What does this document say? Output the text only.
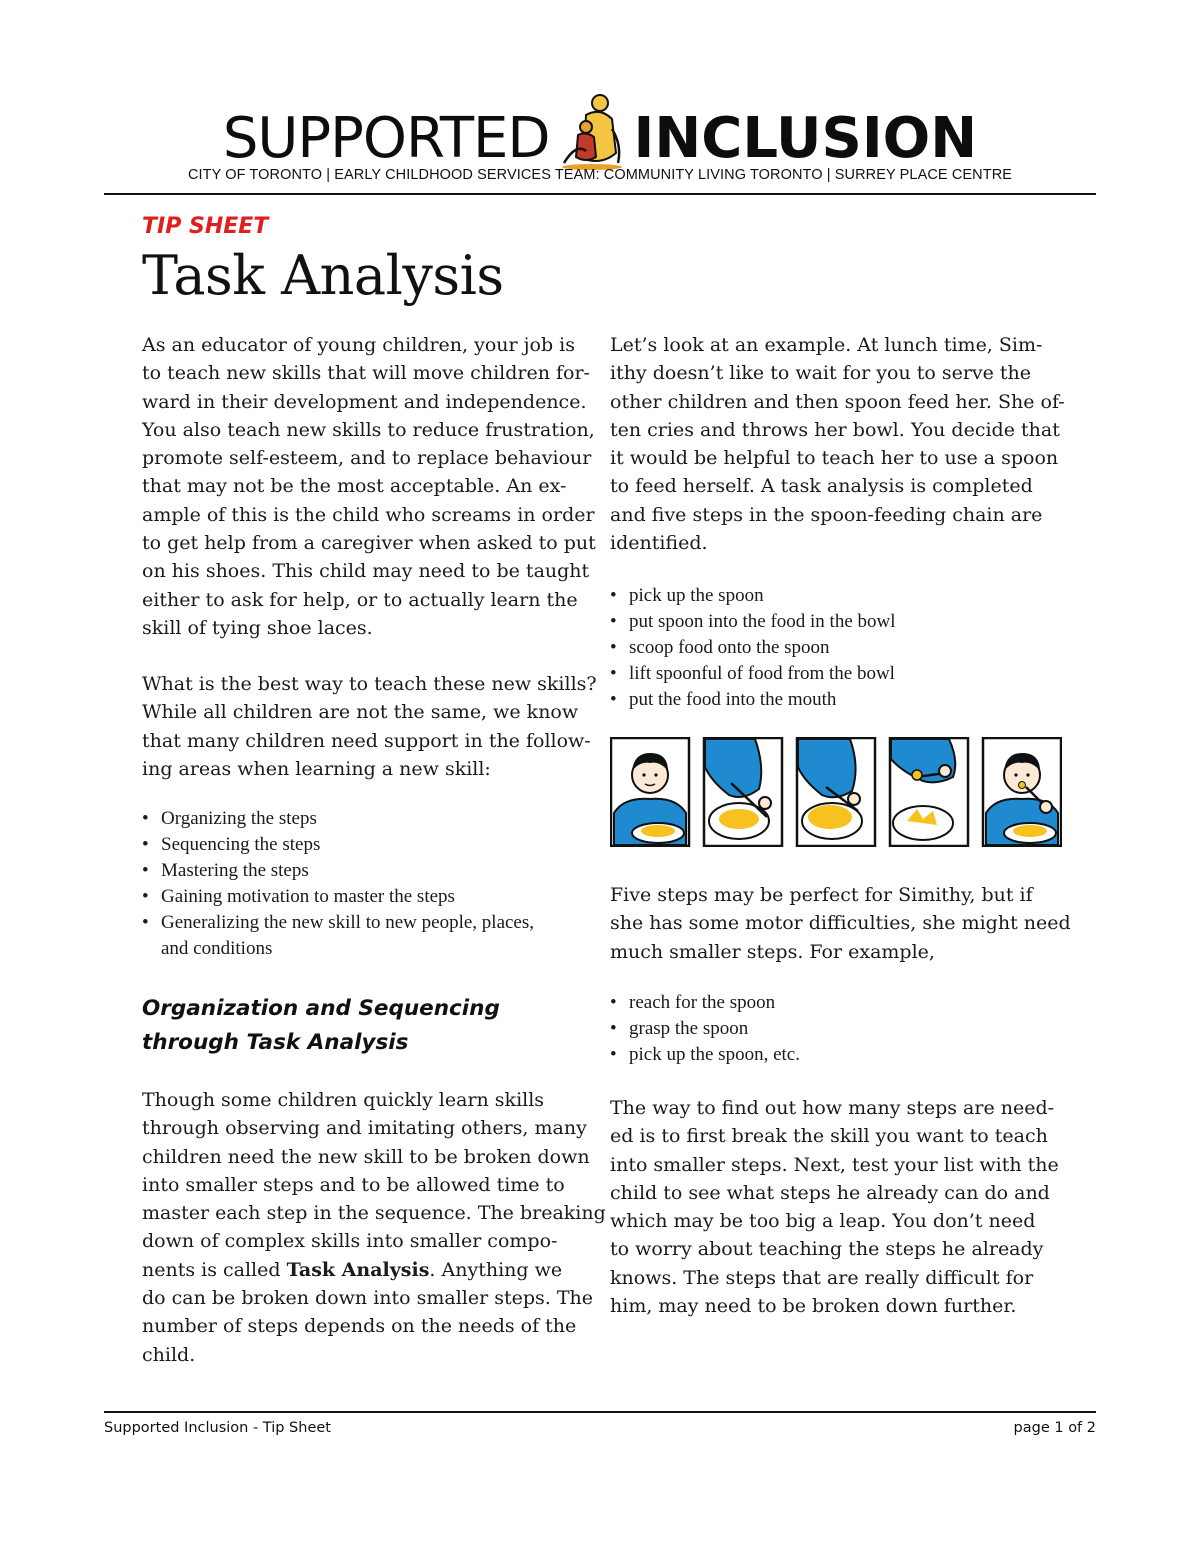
SUPPORTED INCLUSION
CITY OF TORONTO | EARLY CHILDHOOD SERVICES TEAM: COMMUNITY LIVING TORONTO | SURREY PLACE CENTRE
TIP SHEET
Task Analysis
As an educator of young children, your job is
to teach new skills that will move children for-
ward in their development and independence.
You also teach new skills to reduce frustration,
promote self-esteem, and to replace behaviour
that may not be the most acceptable. An ex-
ample of this is the child who screams in order
to get help from a caregiver when asked to put
on his shoes. This child may need to be taught
either to ask for help, or to actually learn the
skill of tying shoe laces.
What is the best way to teach these new skills?
While all children are not the same, we know
that many children need support in the follow-
ing areas when learning a new skill:
• Organizing the steps
• Sequencing the steps
• Mastering the steps
• Gaining motivation to master the steps
• Generalizing the new skill to new people, places,
and conditions
Organization and Sequencing
through Task Analysis
Though some children quickly learn skills
through observing and imitating others, many
children need the new skill to be broken down
into smaller steps and to be allowed time to
master each step in the sequence. The breaking
down of complex skills into smaller compo-
nents is called Task Analysis. Anything we
do can be broken down into smaller steps. The
number of steps depends on the needs of the
child.
Let’s look at an example. At lunch time, Sim-
ithy doesn’t like to wait for you to serve the
other children and then spoon feed her. She of-
ten cries and throws her bowl. You decide that
it would be helpful to teach her to use a spoon
to feed herself. A task analysis is completed
and five steps in the spoon-feeding chain are
identified.
• pick up the spoon
• put spoon into the food in the bowl
• scoop food onto the spoon
• lift spoonful of food from the bowl
• put the food into the mouth
Five steps may be perfect for Simithy, but if
she has some motor difficulties, she might need
much smaller steps. For example,
• reach for the spoon
• grasp the spoon
• pick up the spoon, etc.
The way to find out how many steps are need-
ed is to first break the skill you want to teach
into smaller steps. Next, test your list with the
child to see what steps he already can do and
which may be too big a leap. You don’t need
to worry about teaching the steps he already
knows. The steps that are really difficult for
him, may need to be broken down further.
Supported Inclusion - Tip Sheet	page 1 of 2
